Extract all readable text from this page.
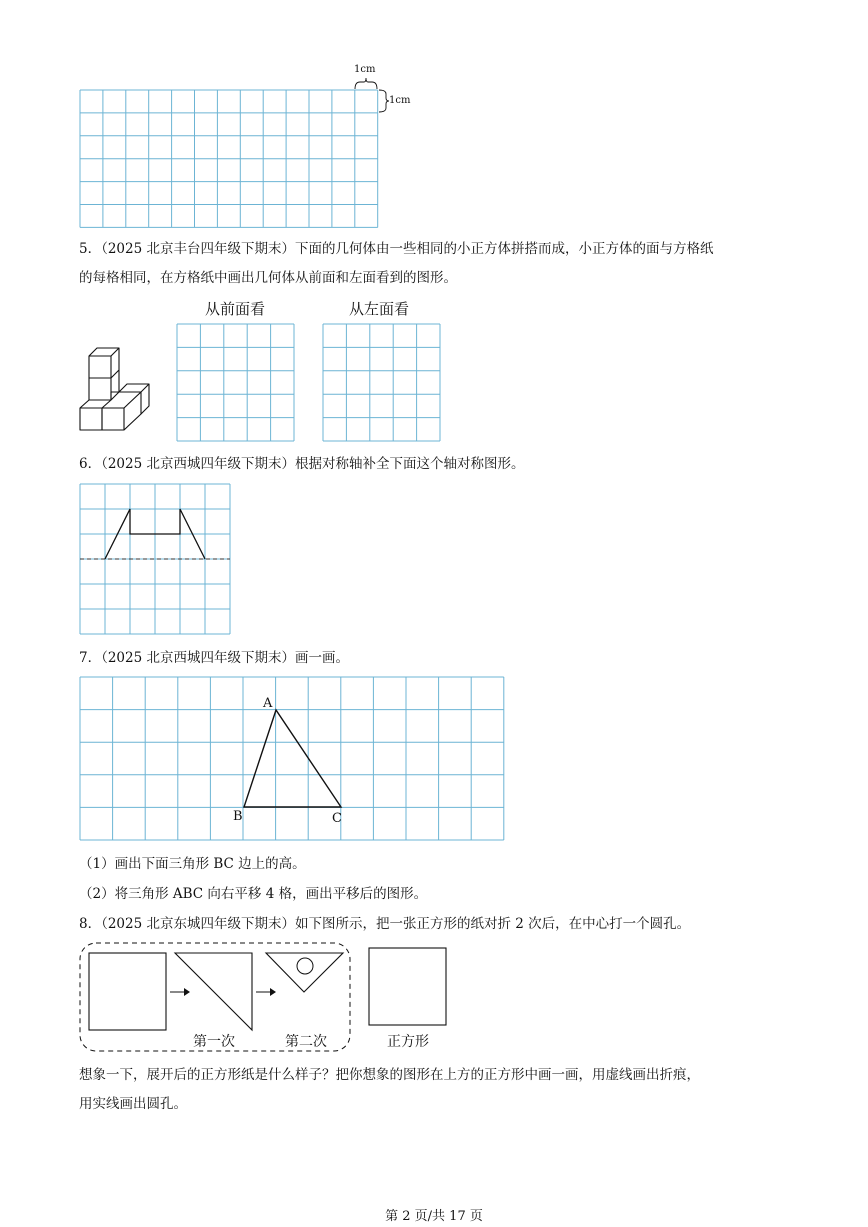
1cm
1cm
5．（2025 北京丰台四年级下期末）下面的几何体由一些相同的小正方体拼搭而成，小正方体的面与方格纸
的每格相同，在方格纸中画出几何体从前面和左面看到的图形。
从前面看	从左面看
6．（2025 北京西城四年级下期末）根据对称轴补全下面这个轴对称图形。
7．（2025 北京西城四年级下期末）画一画。
A
B	C
（1）画出下面三角形 BC 边上的高。
（2）将三角形 ABC 向右平移 4 格，画出平移后的图形。
8．（2025 北京东城四年级下期末）如下图所示，把一张正方形的纸对折 2 次后，在中心打一个圆孔。
第一次	第二次	正方形
想象一下，展开后的正方形纸是什么样子？把你想象的图形在上方的正方形中画一画，用虚线画出折痕，
用实线画出圆孔。
第 2 页/共 17 页
